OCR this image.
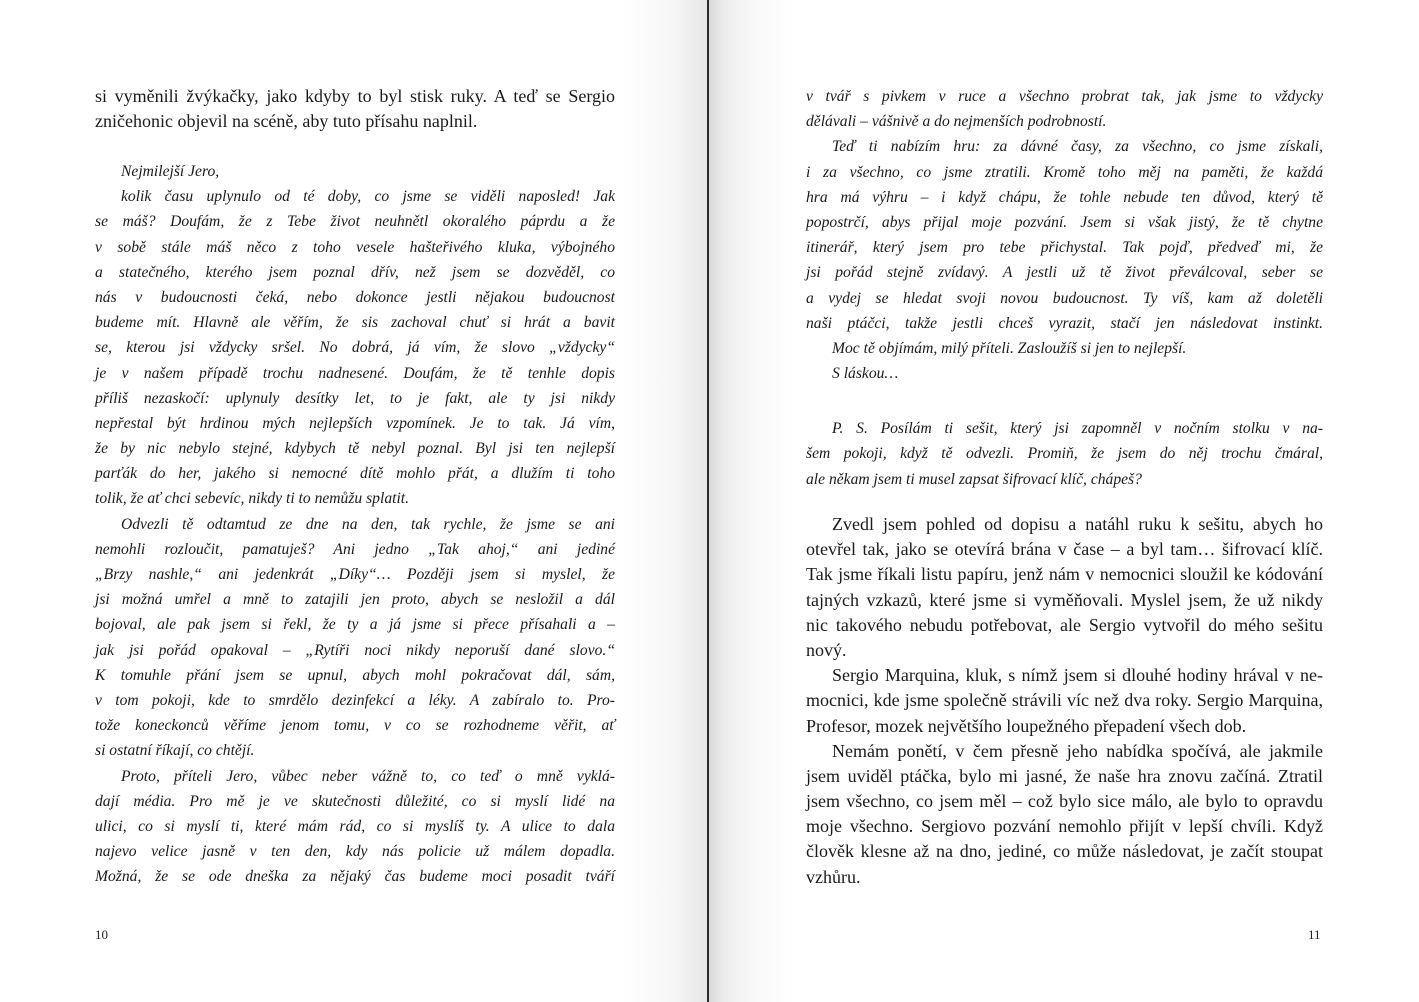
si vyměnili žvýkačky, jako kdyby to byl stisk ruky. A teď se Sergio
zničehonic objevil na scéně, aby tuto přísahu naplnil.
Nejmilejší Jero,
kolik času uplynulo od té doby, co jsme se viděli naposled! Jak
se máš? Doufám, že z Tebe život neuhnětl okoralého páprdu a že
v sobě stále máš něco z toho vesele hašteřivého kluka, výbojného
a statečného, kterého jsem poznal dřív, než jsem se dozvěděl, co
nás v budoucnosti čeká, nebo dokonce jestli nějakou budoucnost
budeme mít. Hlavně ale věřím, že sis zachoval chuť si hrát a bavit
se, kterou jsi vždycky sršel. No dobrá, já vím, že slovo „vždycky“
je v našem případě trochu nadnesené. Doufám, že tě tenhle dopis
příliš nezaskočí: uplynuly desítky let, to je fakt, ale ty jsi nikdy
nepřestal být hrdinou mých nejlepších vzpomínek. Je to tak. Já vím,
že by nic nebylo stejné, kdybych tě nebyl poznal. Byl jsi ten nejlepší
parťák do her, jakého si nemocné dítě mohlo přát, a dlužím ti toho
tolik, že ať chci sebevíc, nikdy ti to nemůžu splatit.
Odvezli tě odtamtud ze dne na den, tak rychle, že jsme se ani
nemohli rozloučit, pamatuješ? Ani jedno „Tak ahoj,“ ani jediné
„Brzy nashle,“ ani jedenkrát „Díky“… Později jsem si myslel, že
jsi možná umřel a mně to zatajili jen proto, abych se nesložil a dál
bojoval, ale pak jsem si řekl, že ty a já jsme si přece přísahali a –
jak jsi pořád opakoval – „Rytíři noci nikdy neporuší dané slovo.“
K tomuhle přání jsem se upnul, abych mohl pokračovat dál, sám,
v tom pokoji, kde to smrdělo dezinfekcí a léky. A zabíralo to. Pro-
tože koneckonců věříme jenom tomu, v co se rozhodneme věřit, ať
si ostatní říkají, co chtějí.
Proto, příteli Jero, vůbec neber vážně to, co teď o mně vyklá-
dají média. Pro mě je ve skutečnosti důležité, co si myslí lidé na
ulici, co si myslí ti, které mám rád, co si myslíš ty. A ulice to dala
najevo velice jasně v ten den, kdy nás policie už málem dopadla.
Možná, že se ode dneška za nějaký čas budeme moci posadit tváří
10
v tvář s pivkem v ruce a všechno probrat tak, jak jsme to vždycky
dělávali – vášnivě a do nejmenších podrobností.
Teď ti nabízím hru: za dávné časy, za všechno, co jsme získali,
i za všechno, co jsme ztratili. Kromě toho měj na paměti, že každá
hra má výhru – i když chápu, že tohle nebude ten důvod, který tě
popostrčí, abys přijal moje pozvání. Jsem si však jistý, že tě chytne
itinerář, který jsem pro tebe přichystal. Tak pojď, předveď mi, že
jsi pořád stejně zvídavý. A jestli už tě život převálcoval, seber se
a vydej se hledat svoji novou budoucnost. Ty víš, kam až doletěli
naši ptáčci, takže jestli chceš vyrazit, stačí jen následovat instinkt.
Moc tě objímám, milý příteli. Zasloužíš si jen to nejlepší.
S láskou…
P. S. Posílám ti sešit, který jsi zapomněl v nočním stolku v na-
šem pokoji, když tě odvezli. Promiň, že jsem do něj trochu čmáral,
ale někam jsem ti musel zapsat šifrovací klíč, chápeš?
Zvedl jsem pohled od dopisu a natáhl ruku k sešitu, abych ho
otevřel tak, jako se otevírá brána v čase – a byl tam… šifrovací klíč.
Tak jsme říkali listu papíru, jenž nám v nemocnici sloužil ke kódování
tajných vzkazů, které jsme si vyměňovali. Myslel jsem, že už nikdy
nic takového nebudu potřebovat, ale Sergio vytvořil do mého sešitu
nový.
Sergio Marquina, kluk, s nímž jsem si dlouhé hodiny hrával v ne-
mocnici, kde jsme společně strávili víc než dva roky. Sergio Marquina,
Profesor, mozek největšího loupežného přepadení všech dob.
Nemám ponětí, v čem přesně jeho nabídka spočívá, ale jakmile
jsem uviděl ptáčka, bylo mi jasné, že naše hra znovu začíná. Ztratil
jsem všechno, co jsem měl – což bylo sice málo, ale bylo to opravdu
moje všechno. Sergiovo pozvání nemohlo přijít v lepší chvíli. Když
člověk klesne až na dno, jediné, co může následovat, je začít stoupat
vzhůru.
11
